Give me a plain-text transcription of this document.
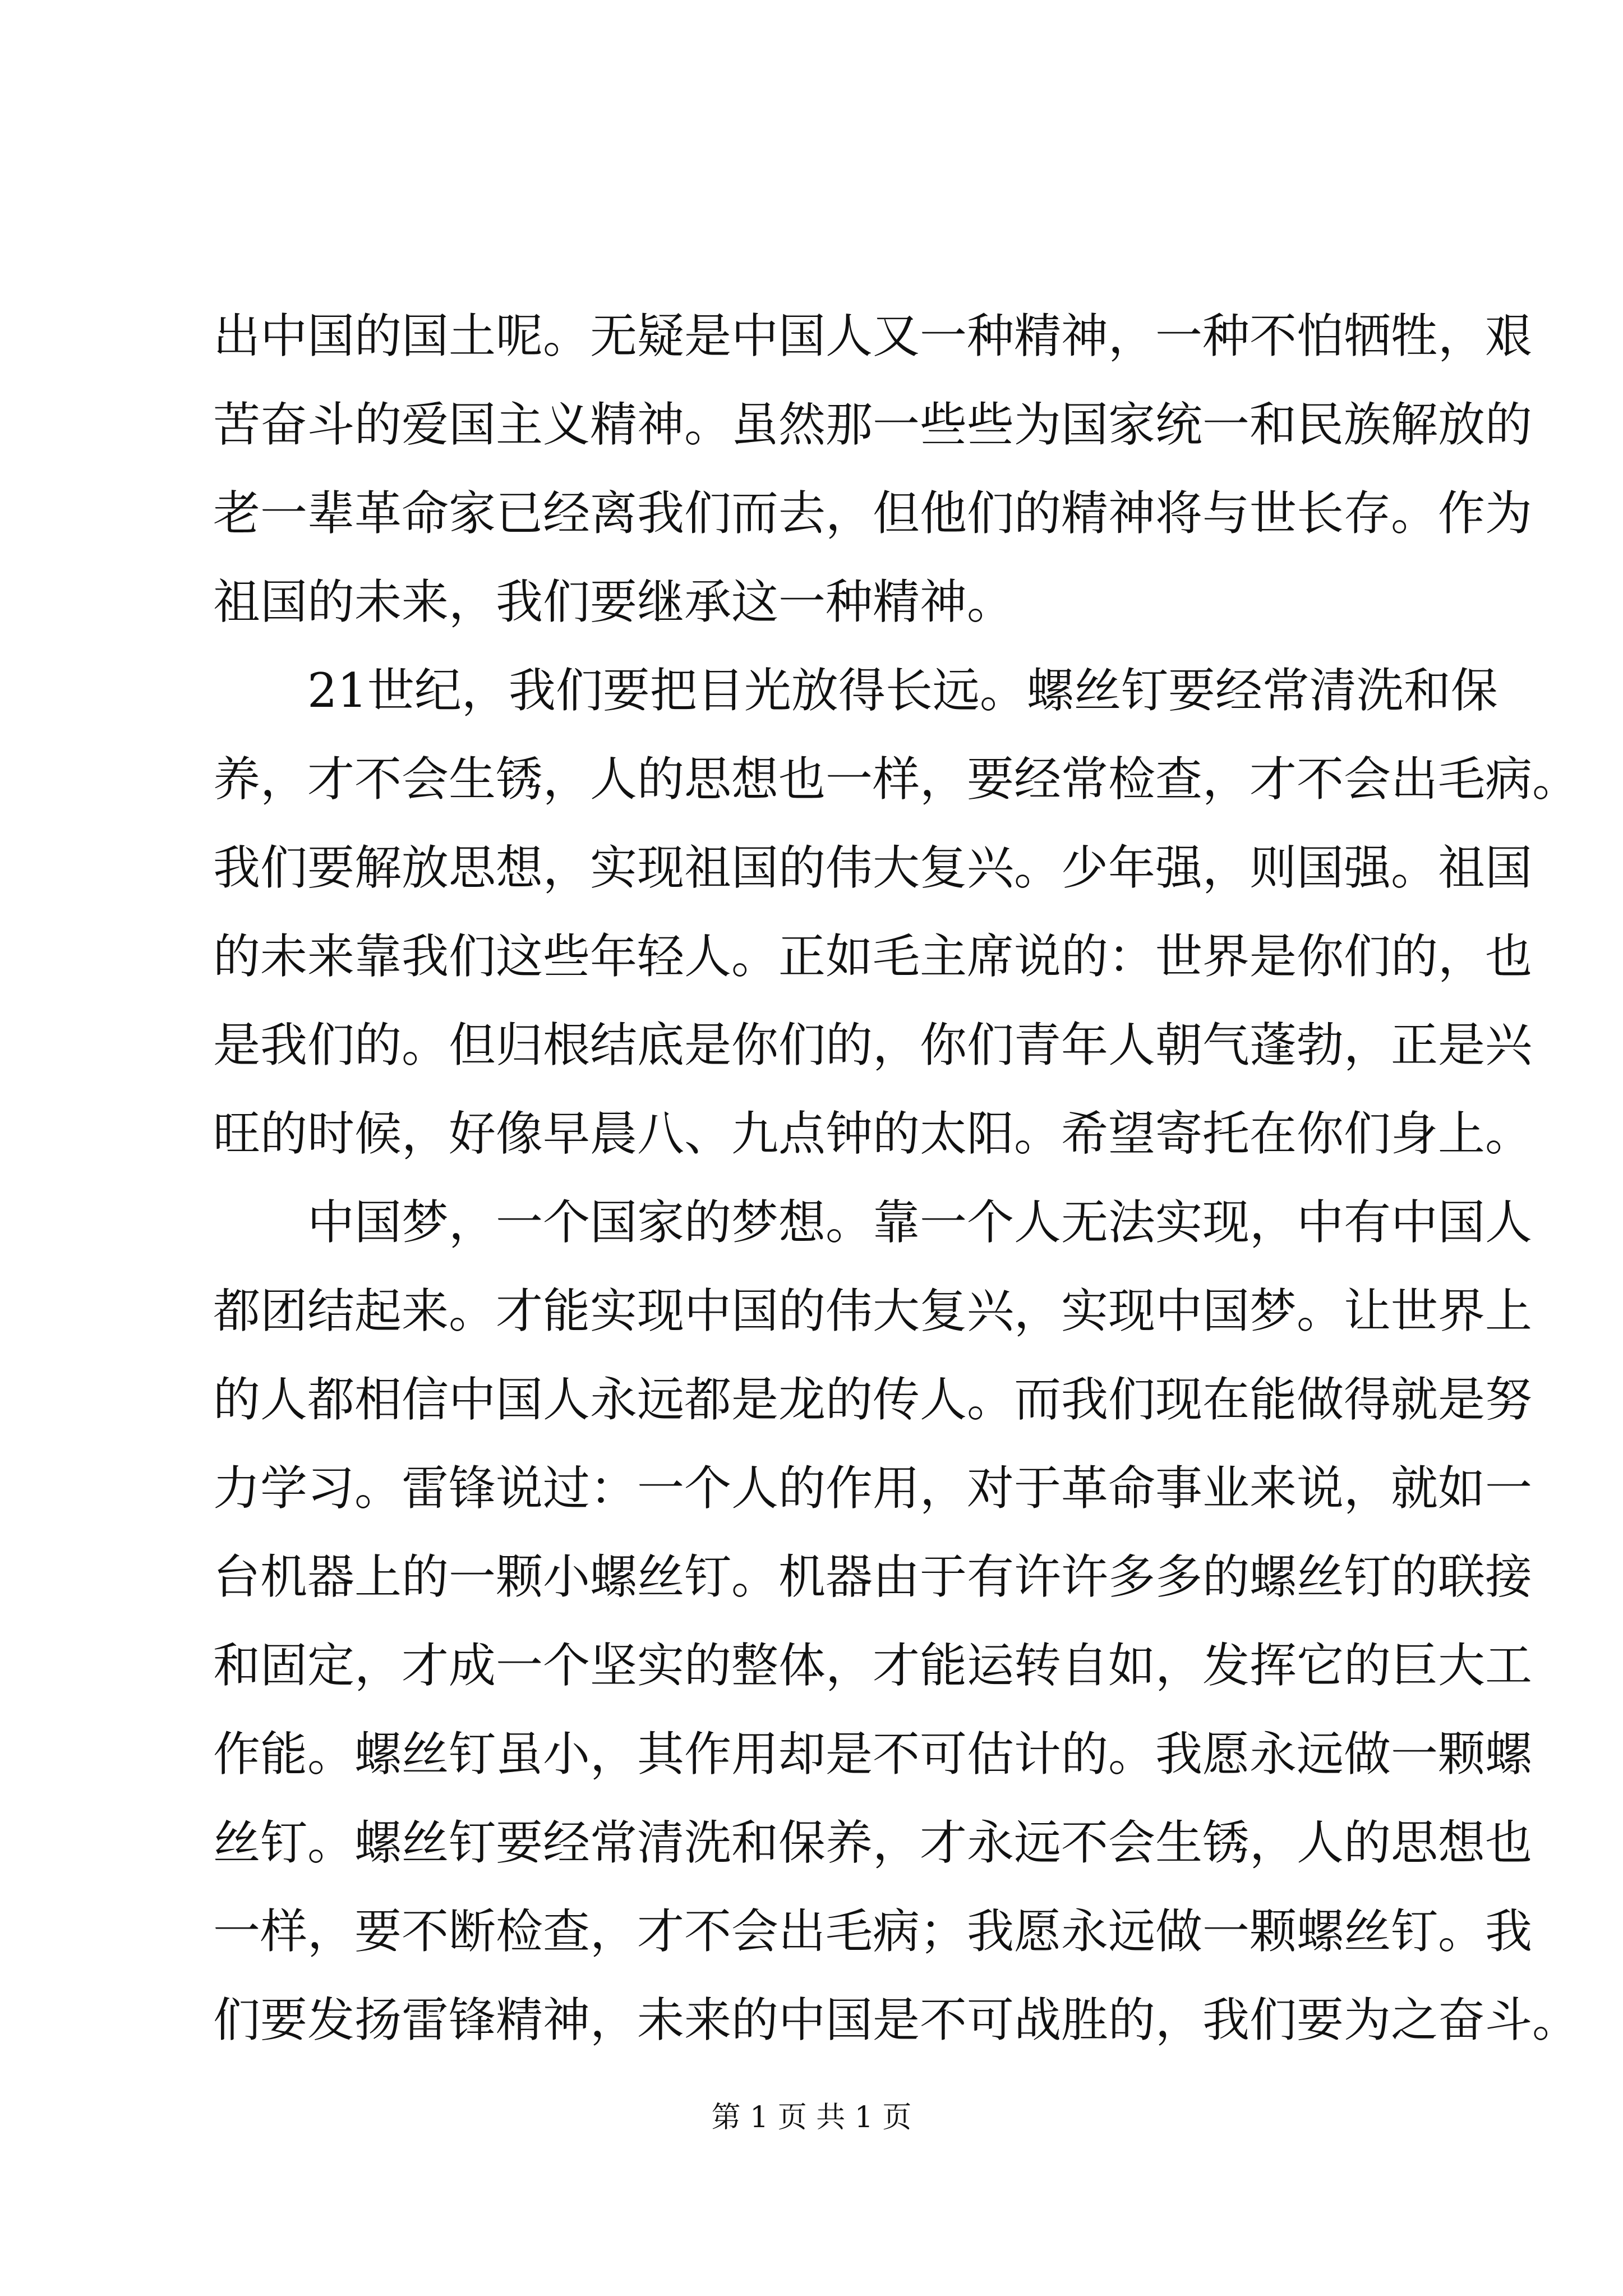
出中国的国土呢。无疑是中国人又一种精神，一种不怕牺牲，艰
苦奋斗的爱国主义精神。虽然那一些些为国家统一和民族解放的
老一辈革命家已经离我们而去，但他们的精神将与世长存。作为
祖国的未来，我们要继承这一种精神。
21世纪，我们要把目光放得长远。螺丝钉要经常清洗和保
养，才不会生锈，人的思想也一样，要经常检查，才不会出毛病。
我们要解放思想，实现祖国的伟大复兴。少年强，则国强。祖国
的未来靠我们这些年轻人。正如毛主席说的：世界是你们的，也
是我们的。但归根结底是你们的，你们青年人朝气蓬勃，正是兴
旺的时候，好像早晨八、九点钟的太阳。希望寄托在你们身上。
中国梦，一个国家的梦想。靠一个人无法实现，中有中国人
都团结起来。才能实现中国的伟大复兴，实现中国梦。让世界上
的人都相信中国人永远都是龙的传人。而我们现在能做得就是努
力学习。雷锋说过：一个人的作用，对于革命事业来说，就如一
台机器上的一颗小螺丝钉。机器由于有许许多多的螺丝钉的联接
和固定，才成一个坚实的整体，才能运转自如，发挥它的巨大工
作能。螺丝钉虽小，其作用却是不可估计的。我愿永远做一颗螺
丝钉。螺丝钉要经常清洗和保养，才永远不会生锈，人的思想也
一样，要不断检查，才不会出毛病；我愿永远做一颗螺丝钉。我
们要发扬雷锋精神，未来的中国是不可战胜的，我们要为之奋斗。
第 1 页 共 1 页
